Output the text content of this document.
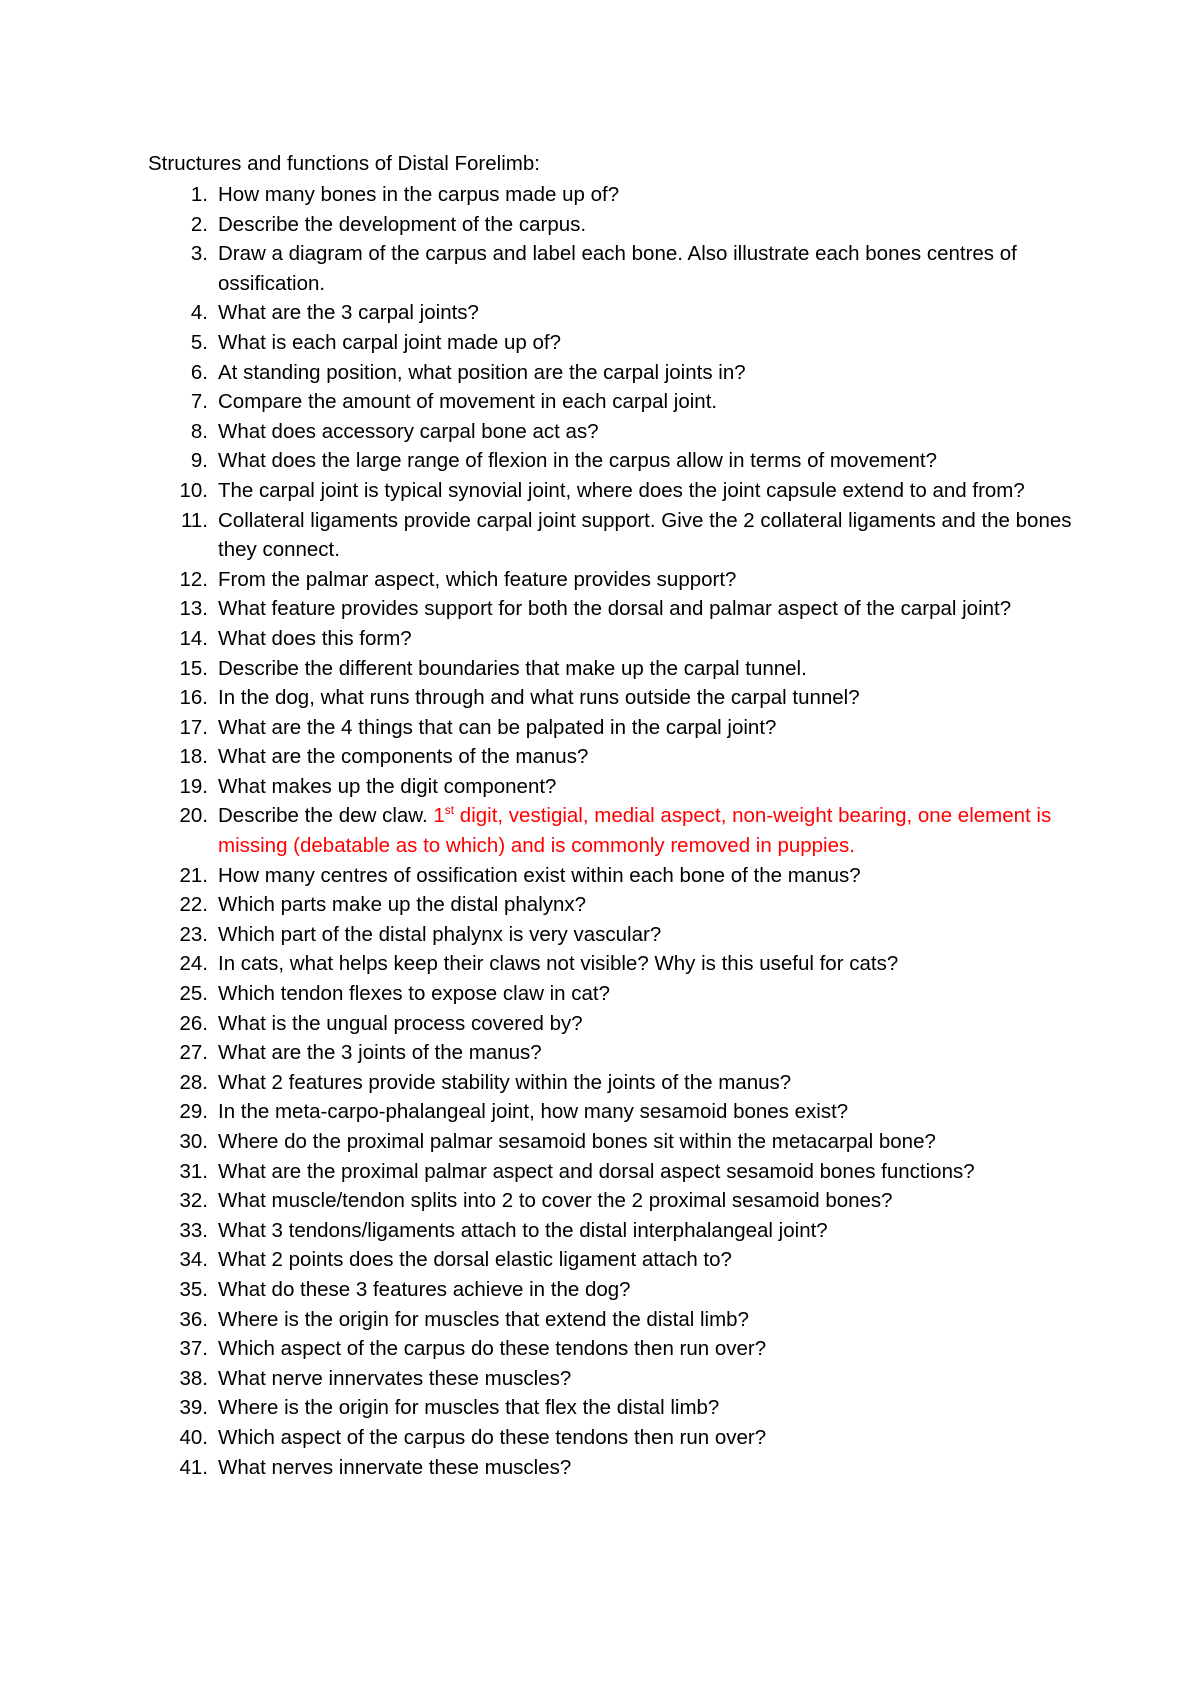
Structures and functions of Distal Forelimb:
1. How many bones in the carpus made up of?
2. Describe the development of the carpus.
3. Draw a diagram of the carpus and label each bone. Also illustrate each bones centres of ossification.
4. What are the 3 carpal joints?
5. What is each carpal joint made up of?
6. At standing position, what position are the carpal joints in?
7. Compare the amount of movement in each carpal joint.
8. What does accessory carpal bone act as?
9. What does the large range of flexion in the carpus allow in terms of movement?
10. The carpal joint is typical synovial joint, where does the joint capsule extend to and from?
11. Collateral ligaments provide carpal joint support. Give the 2 collateral ligaments and the bones they connect.
12. From the palmar aspect, which feature provides support?
13. What feature provides support for both the dorsal and palmar aspect of the carpal joint?
14. What does this form?
15. Describe the different boundaries that make up the carpal tunnel.
16. In the dog, what runs through and what runs outside the carpal tunnel?
17. What are the 4 things that can be palpated in the carpal joint?
18. What are the components of the manus?
19. What makes up the digit component?
20. Describe the dew claw. 1st digit, vestigial, medial aspect, non-weight bearing, one element is missing (debatable as to which) and is commonly removed in puppies.
21. How many centres of ossification exist within each bone of the manus?
22. Which parts make up the distal phalynx?
23. Which part of the distal phalynx is very vascular?
24. In cats, what helps keep their claws not visible? Why is this useful for cats?
25. Which tendon flexes to expose claw in cat?
26. What is the ungual process covered by?
27. What are the 3 joints of the manus?
28. What 2 features provide stability within the joints of the manus?
29. In the meta-carpo-phalangeal joint, how many sesamoid bones exist?
30. Where do the proximal palmar sesamoid bones sit within the metacarpal bone?
31. What are the proximal palmar aspect and dorsal aspect sesamoid bones functions?
32. What muscle/tendon splits into 2 to cover the 2 proximal sesamoid bones?
33. What 3 tendons/ligaments attach to the distal interphalangeal joint?
34. What 2 points does the dorsal elastic ligament attach to?
35. What do these 3 features achieve in the dog?
36. Where is the origin for muscles that extend the distal limb?
37. Which aspect of the carpus do these tendons then run over?
38. What nerve innervates these muscles?
39. Where is the origin for muscles that flex the distal limb?
40. Which aspect of the carpus do these tendons then run over?
41. What nerves innervate these muscles?
